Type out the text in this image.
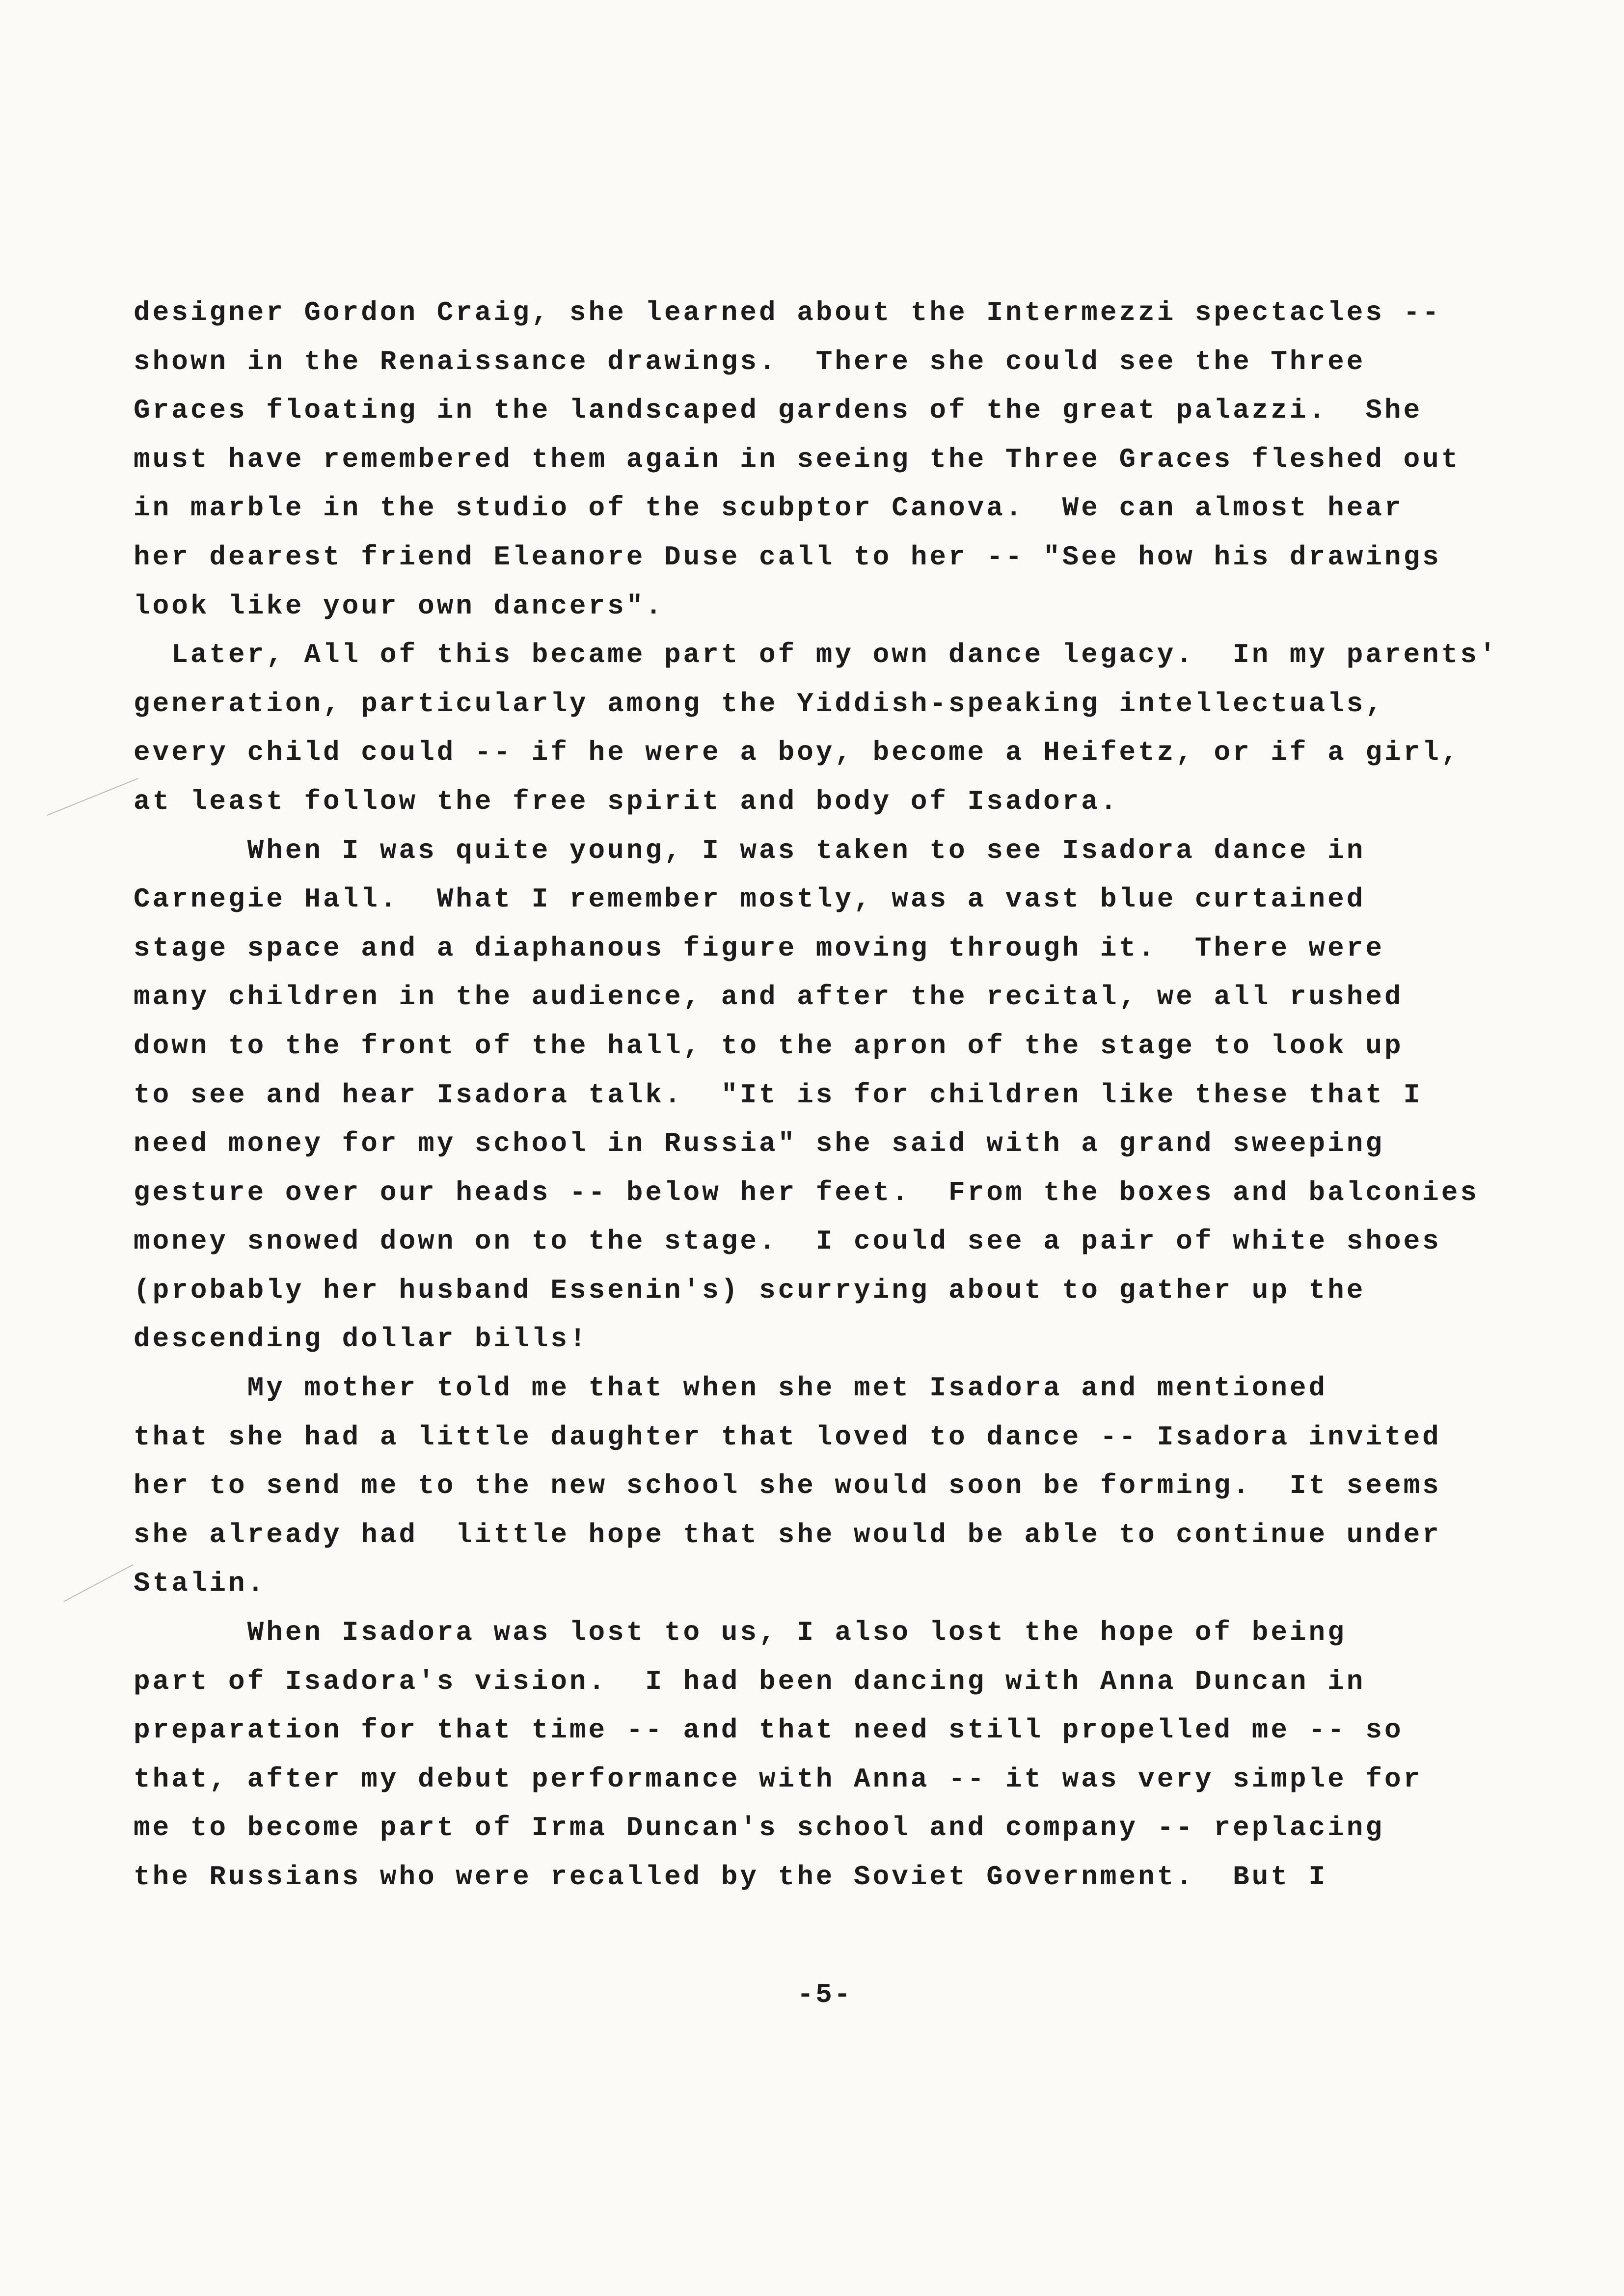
designer Gordon Craig, she learned about the Intermezzi spectacles --
shown in the Renaissance drawings.  There she could see the Three
Graces floating in the landscaped gardens of the great palazzi.  She
must have remembered them again in seeing the Three Graces fleshed out
in marble in the studio of the scubptor Canova.  We can almost hear
her dearest friend Eleanore Duse call to her -- "See how his drawings
look like your own dancers".
Later, All of this became part of my own dance legacy.  In my parents'
generation, particularly among the Yiddish-speaking intellectuals,
every child could -- if he were a boy, become a Heifetz, or if a girl,
at least follow the free spirit and body of Isadora.
When I was quite young, I was taken to see Isadora dance in
Carnegie Hall.  What I remember mostly, was a vast blue curtained
stage space and a diaphanous figure moving through it.  There were
many children in the audience, and after the recital, we all rushed
down to the front of the hall, to the apron of the stage to look up
to see and hear Isadora talk.  "It is for children like these that I
need money for my school in Russia" she said with a grand sweeping
gesture over our heads -- below her feet.  From the boxes and balconies
money snowed down on to the stage.  I could see a pair of white shoes
(probably her husband Essenin's) scurrying about to gather up the
descending dollar bills!
My mother told me that when she met Isadora and mentioned
that she had a little daughter that loved to dance -- Isadora invited
her to send me to the new school she would soon be forming.  It seems
she already had  little hope that she would be able to continue under
Stalin.
When Isadora was lost to us, I also lost the hope of being
part of Isadora's vision.  I had been dancing with Anna Duncan in
preparation for that time -- and that need still propelled me -- so
that, after my debut performance with Anna -- it was very simple for
me to become part of Irma Duncan's school and company -- replacing
the Russians who were recalled by the Soviet Government.  But I
-5-
